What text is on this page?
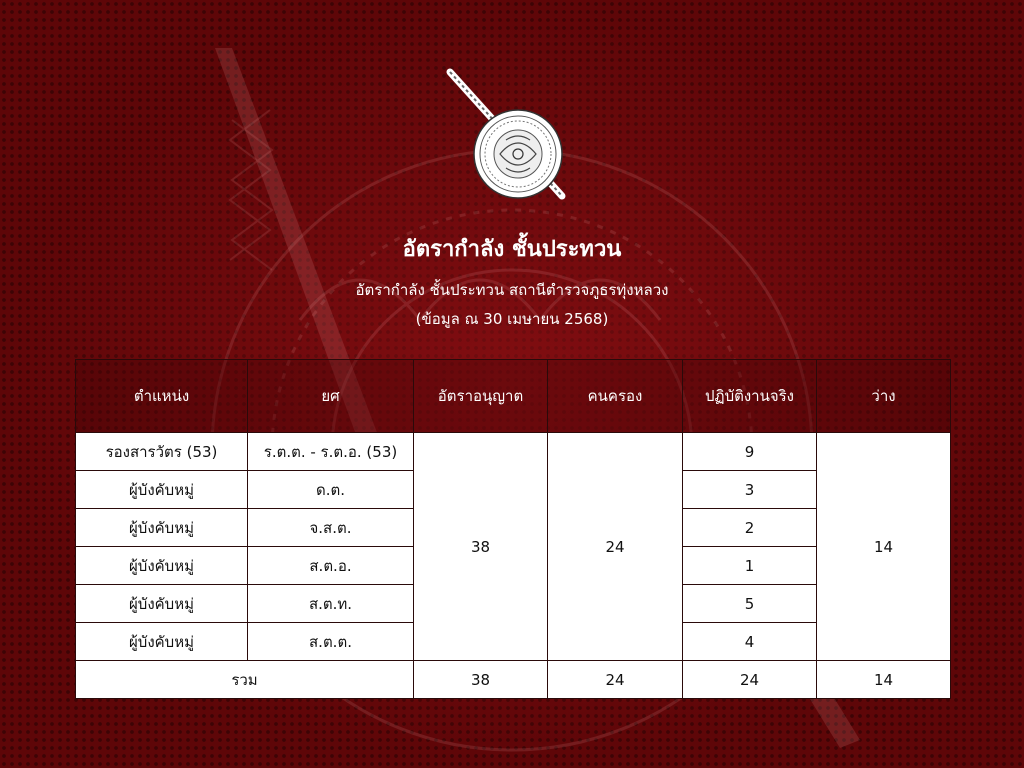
อัตรากำลัง ชั้นประทวน
อัตรากำลัง ชั้นประทวน สถานีตำรวจภูธรทุ่งหลวง
(ข้อมูล ณ 30 เมษายน 2568)
ตำแหน่ง	ยศ	อัตราอนุญาต	คนครอง	ปฏิบัติงานจริง	ว่าง
รองสารวัตร (53)	ร.ต.ต. - ร.ต.อ. (53)	38	24	9	14
ผู้บังคับหมู่	ด.ต.			3	
ผู้บังคับหมู่	จ.ส.ต.			2	
ผู้บังคับหมู่	ส.ต.อ.			1	
ผู้บังคับหมู่	ส.ต.ท.			5	
ผู้บังคับหมู่	ส.ต.ต.			4	
รวม		38	24	24	14
